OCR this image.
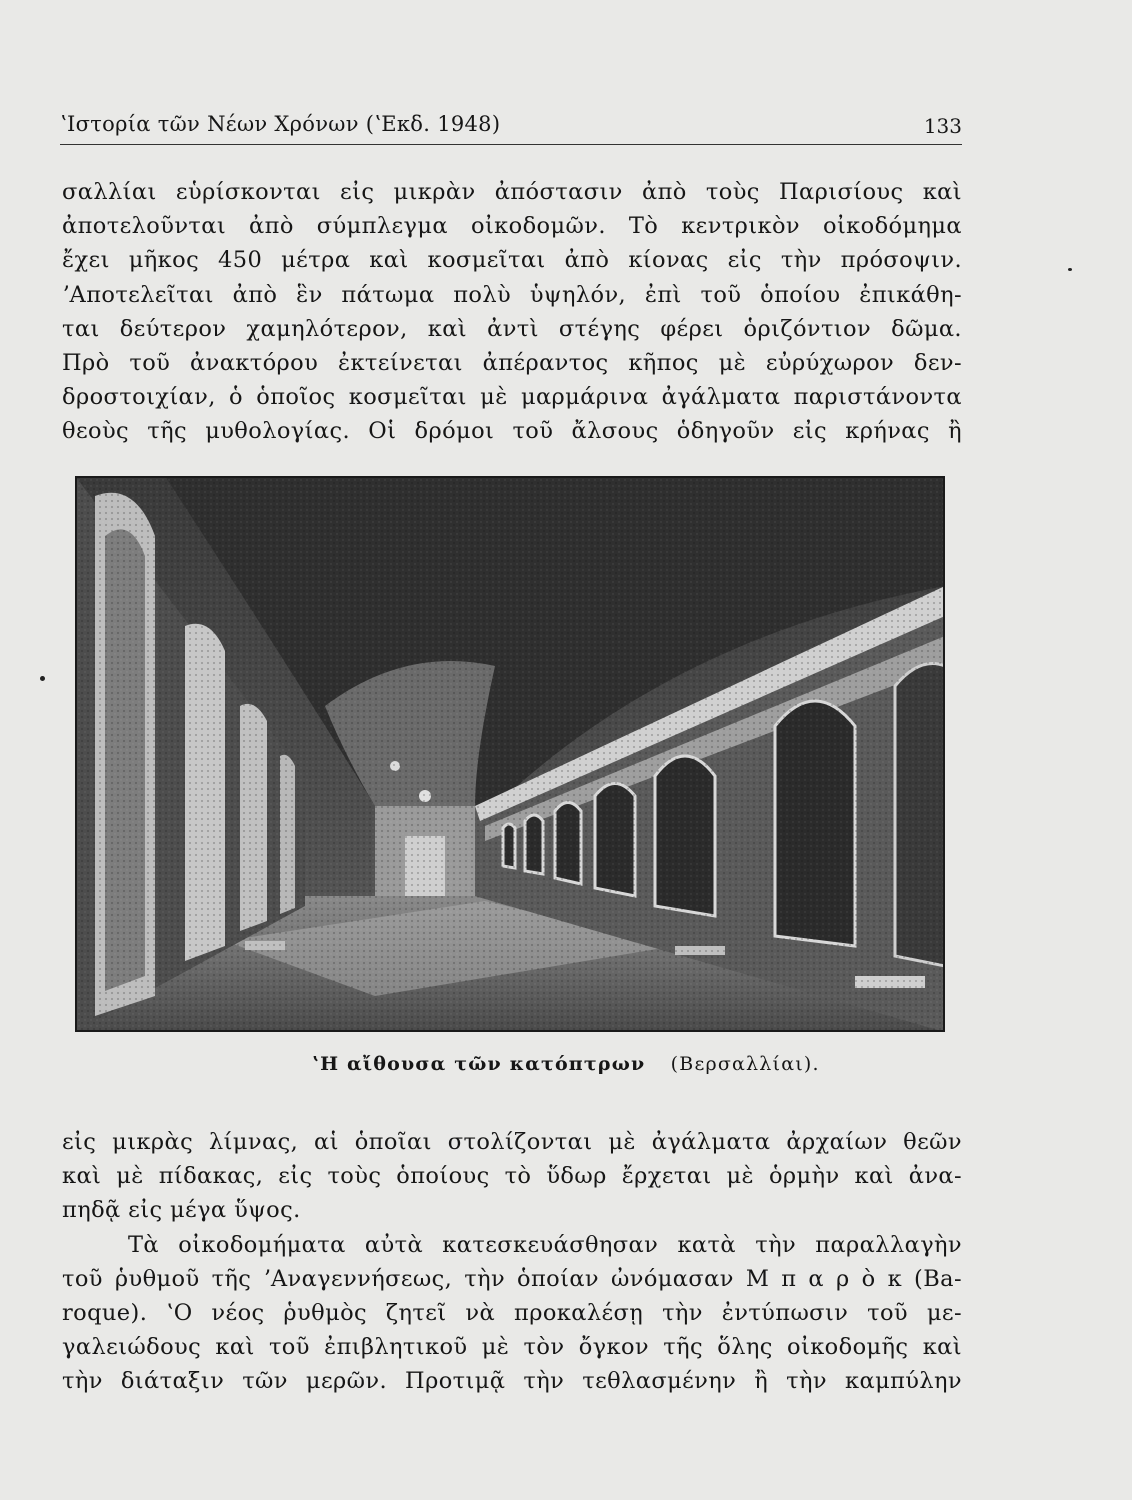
ʽΙστορία τῶν Νέων Χρόνων (ʽΕκδ. 1948)	133
σαλλίαι εὑρίσκονται εἰς μικρὰν ἀπόστασιν ἀπὸ τοὺς Παρισίους καὶ
ἀποτελοῦνται ἀπὸ σύμπλεγμα οἰκοδομῶν. Τὸ κεντρικὸν οἰκοδόμημα
ἔχει μῆκος 450 μέτρα καὶ κοσμεῖται ἀπὸ κίονας εἰς τὴν πρόσοψιν.
ʼΑποτελεῖται ἀπὸ ἓν πάτωμα πολὺ ὑψηλόν, ἐπὶ τοῦ ὁποίου ἐπικάθη-
ται δεύτερον χαμηλότερον, καὶ ἀντὶ στέγης φέρει ὁριζόντιον δῶμα.
Πρὸ τοῦ ἀνακτόρου ἐκτείνεται ἀπέραντος κῆπος μὲ εὐρύχωρον δεν-
δροστοιχίαν, ὁ ὁποῖος κοσμεῖται μὲ μαρμάρινα ἀγάλματα παριστάνοντα
θεοὺς τῆς μυθολογίας. Οἱ δρόμοι τοῦ ἄλσους ὁδηγοῦν εἰς κρήνας ἢ
ʽΗ αἴθουσα τῶν κατόπτρων (Βερσαλλίαι).
εἰς μικρὰς λίμνας, αἱ ὁποῖαι στολίζονται μὲ ἀγάλματα ἀρχαίων θεῶν
καὶ μὲ πίδακας, εἰς τοὺς ὁποίους τὸ ὕδωρ ἔρχεται μὲ ὁρμὴν καὶ ἀνα-
πηδᾷ εἰς μέγα ὕψος.
Τὰ οἰκοδομήματα αὐτὰ κατεσκευάσθησαν κατὰ τὴν παραλλαγὴν
τοῦ ῥυθμοῦ τῆς ʼΑναγεννήσεως, τὴν ὁποίαν ὠνόμασαν Μ π α ρ ὸ κ (Βa-
roque). ʽΟ νέος ῥυθμὸς ζητεῖ νὰ προκαλέσῃ τὴν ἐντύπωσιν τοῦ με-
γαλειώδους καὶ τοῦ ἐπιβλητικοῦ μὲ τὸν ὄγκον τῆς ὅλης οἰκοδομῆς καὶ
τὴν διάταξιν τῶν μερῶν. Προτιμᾷ τὴν τεθλασμένην ἢ τὴν καμπύλην
